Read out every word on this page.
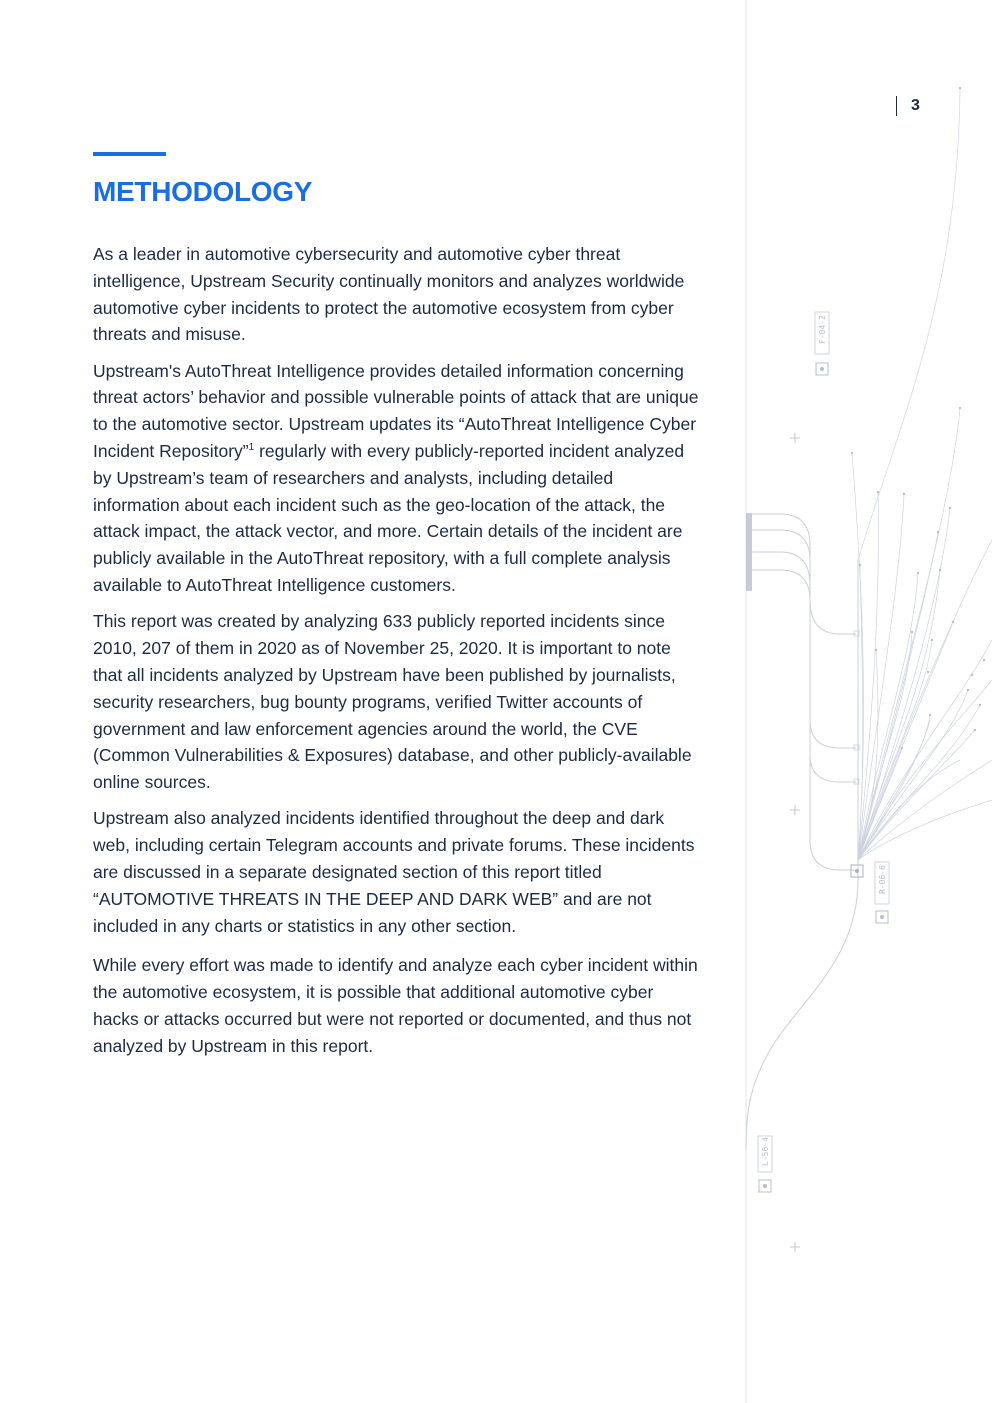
F-04-2
R-06-6
L-56-4
3
METHODOLOGY

As a leader in automotive cybersecurity and automotive cyber threat intelligence, Upstream Security continually monitors and analyzes worldwide automotive cyber incidents to protect the automotive ecosystem from cyber threats and misuse.

Upstream's AutoThreat Intelligence provides detailed information concerning threat actors’ behavior and possible vulnerable points of attack that are unique to the automotive sector. Upstream updates its “AutoThreat Intelligence Cyber Incident Repository”$^1$ regularly with every publicly-reported incident analyzed by Upstream’s team of researchers and analysts, including detailed information about each incident such as the geo-location of the attack, the attack impact, the attack vector, and more. Certain details of the incident are publicly available in the AutoThreat repository, with a full complete analysis available to AutoThreat Intelligence customers.

This report was created by analyzing 633 publicly reported incidents since 2010, 207 of them in 2020 as of November 25, 2020. It is important to note that all incidents analyzed by Upstream have been published by journalists, security researchers, bug bounty programs, verified Twitter accounts of government and law enforcement agencies around the world, the CVE (Common Vulnerabilities & Exposures) database, and other publicly-available online sources.

Upstream also analyzed incidents identified throughout the deep and dark web, including certain Telegram accounts and private forums. These incidents are discussed in a separate designated section of this report titled “AUTOMOTIVE THREATS IN THE DEEP AND DARK WEB” and are not included in any charts or statistics in any other section.

While every effort was made to identify and analyze each cyber incident within the automotive ecosystem, it is possible that additional automotive cyber hacks or attacks occurred but were not reported or documented, and thus not analyzed by Upstream in this report.
